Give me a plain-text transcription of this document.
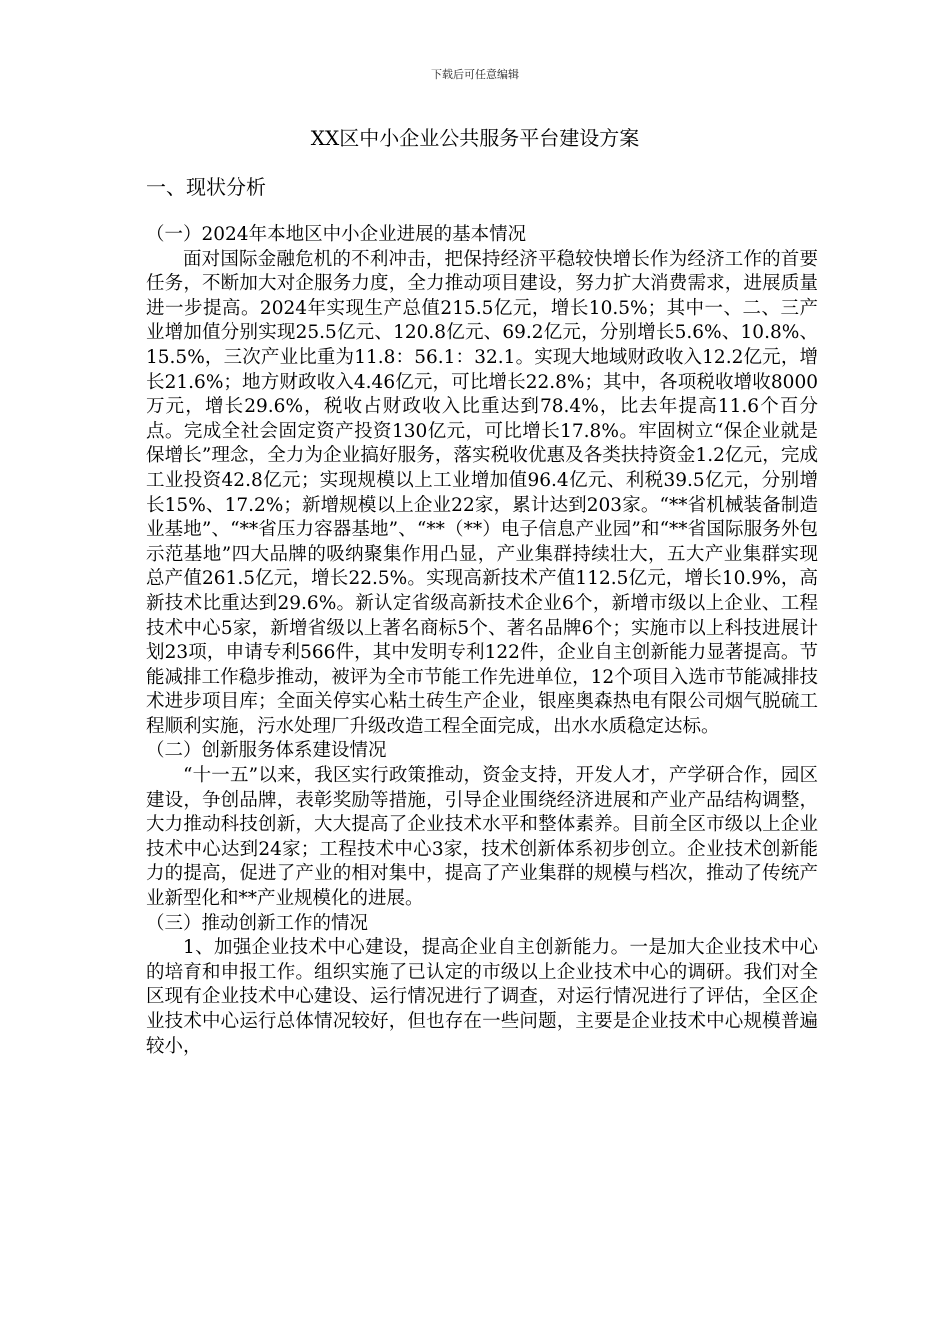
下载后可任意编辑
XX区中小企业公共服务平台建设方案
一、现状分析

（一）2024年本地区中小企业进展的基本情况

面对国际金融危机的不利冲击，把保持经济平稳较快增长作为经济工作的首要任务，不断加大对企服务力度，全力推动项目建设，努力扩大消费需求，进展质量进一步提高。2024年实现生产总值215.5亿元，增长10.5%；其中一、二、三产业增加值分别实现25.5亿元、120.8亿元、69.2亿元，分别增长5.6%、10.8%、15.5%，三次产业比重为11.8：56.1：32.1。实现大地域财政收入12.2亿元，增长21.6%；地方财政收入4.46亿元，可比增长22.8%；其中，各项税收增收8000万元，增长29.6%，税收占财政收入比重达到78.4%，比去年提高11.6个百分点。完成全社会固定资产投资130亿元，可比增长17.8%。牢固树立“保企业就是保增长”理念，全力为企业搞好服务，落实税收优惠及各类扶持资金1.2亿元，完成工业投资42.8亿元；实现规模以上工业增加值96.4亿元、利税39.5亿元，分别增长15%、17.2%；新增规模以上企业22家，累计达到203家。“**省机械装备制造业基地”、“**省压力容器基地”、“**（**）电子信息产业园”和“**省国际服务外包示范基地”四大品牌的吸纳聚集作用凸显，产业集群持续壮大，五大产业集群实现总产值261.5亿元，增长22.5%。实现高新技术产值112.5亿元，增长10.9%，高新技术比重达到29.6%。新认定省级高新技术企业6个，新增市级以上企业、工程技术中心5家，新增省级以上著名商标5个、著名品牌6个；实施市以上科技进展计划23项，申请专利566件，其中发明专利122件，企业自主创新能力显著提高。节能减排工作稳步推动，被评为全市节能工作先进单位，12个项目入选市节能减排技术进步项目库；全面关停实心粘土砖生产企业，银座奥森热电有限公司烟气脱硫工程顺利实施，污水处理厂升级改造工程全面完成，出水水质稳定达标。

（二）创新服务体系建设情况

“十一五”以来，我区实行政策推动，资金支持，开发人才，产学研合作，园区建设，争创品牌，表彰奖励等措施，引导企业围绕经济进展和产业产品结构调整，大力推动科技创新，大大提高了企业技术水平和整体素养。目前全区市级以上企业技术中心达到24家；工程技术中心3家，技术创新体系初步创立。企业技术创新能力的提高，促进了产业的相对集中，提高了产业集群的规模与档次，推动了传统产业新型化和**产业规模化的进展。

（三）推动创新工作的情况

1、加强企业技术中心建设，提高企业自主创新能力。一是加大企业技术中心的培育和申报工作。组织实施了已认定的市级以上企业技术中心的调研。我们对全区现有企业技术中心建设、运行情况进行了调查，对运行情况进行了评估，全区企业技术中心运行总体情况较好，但也存在一些问题，主要是企业技术中心规模普遍较小，
